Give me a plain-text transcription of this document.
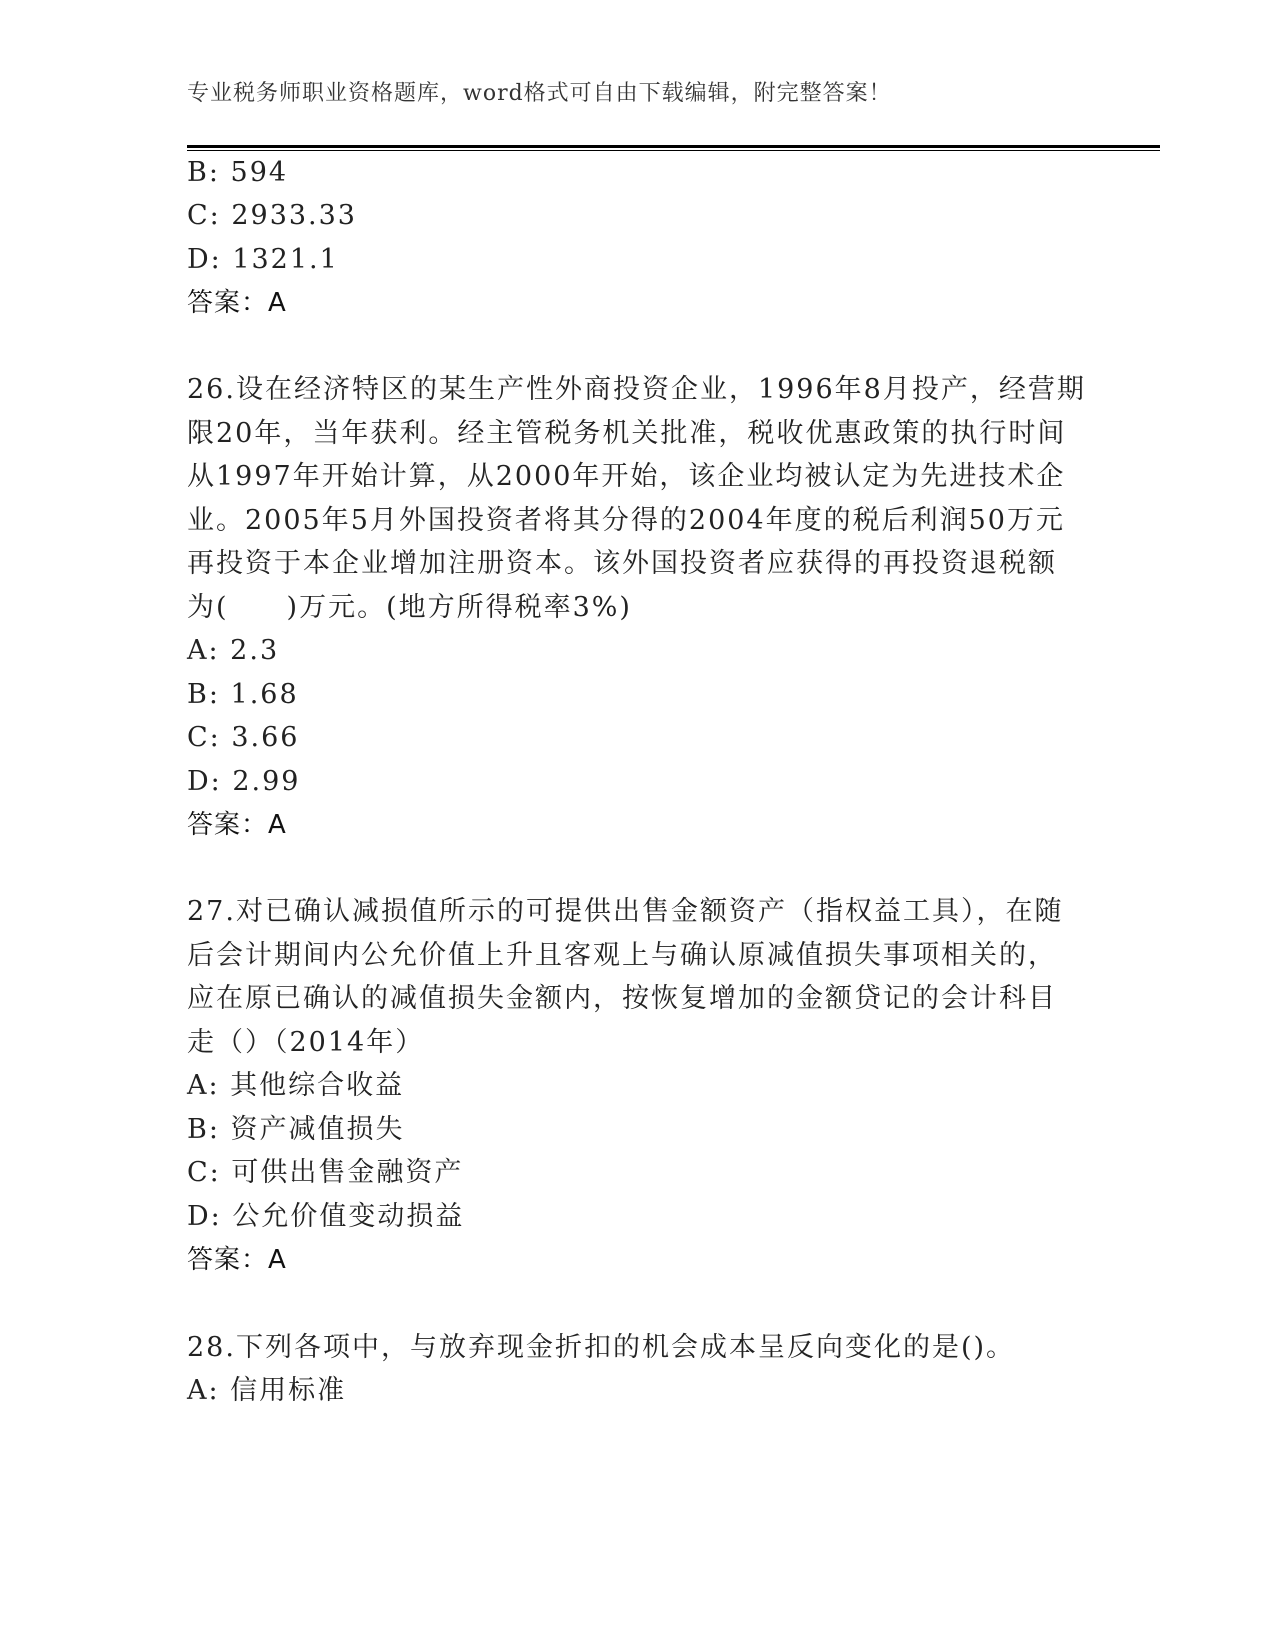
专业税务师职业资格题库，word格式可自由下载编辑，附完整答案！
B: 594
C: 2933.33
D: 1321.1
答案：A
26.设在经济特区的某生产性外商投资企业，1996年8月投产，经营期
限20年，当年获利。经主管税务机关批准，税收优惠政策的执行时间
从1997年开始计算，从2000年开始，该企业均被认定为先进技术企
业。2005年5月外国投资者将其分得的2004年度的税后利润50万元
再投资于本企业增加注册资本。该外国投资者应获得的再投资退税额
为(　　)万元。(地方所得税率3%)
A: 2.3
B: 1.68
C: 3.66
D: 2.99
答案：A
27.对已确认减损值所示的可提供出售金额资产（指权益工具），在随
后会计期间内公允价值上升且客观上与确认原减值损失事项相关的，
应在原已确认的减值损失金额内，按恢复增加的金额贷记的会计科目
走（）（2014年）
A: 其他综合收益
B: 资产减值损失
C: 可供出售金融资产
D: 公允价值变动损益
答案：A
28.下列各项中，与放弃现金折扣的机会成本呈反向变化的是()。
A: 信用标准
